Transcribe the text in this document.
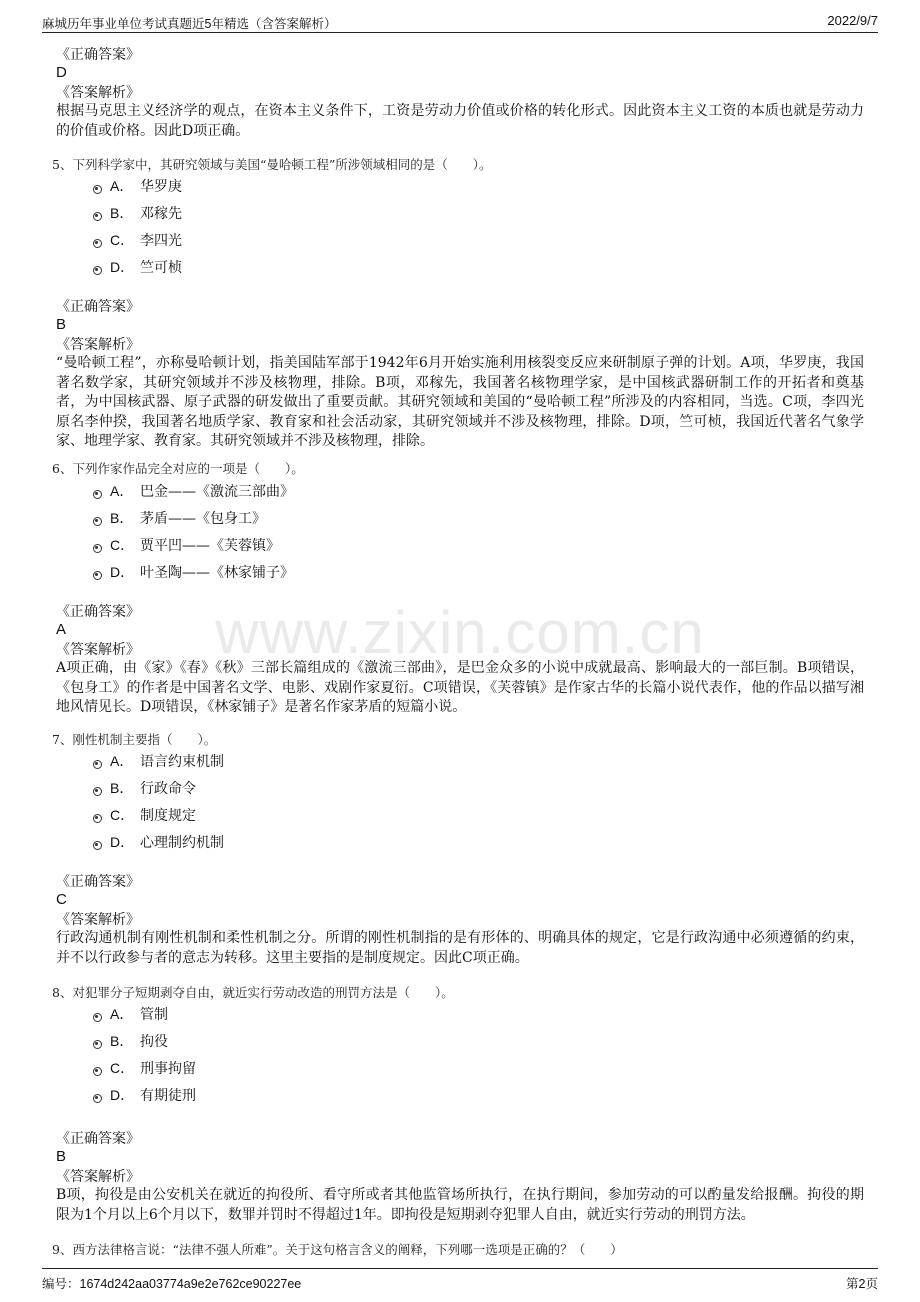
麻城历年事业单位考试真题近5年精选（含答案解析）	2022/9/7
www.zixin.com.cn
《正确答案》
D
《答案解析》
根据马克思主义经济学的观点，在资本主义条件下，工资是劳动力价值或价格的转化形式。因此资本主义工资的本质也就是劳动力的价值或价格。因此D项正确。
5、下列科学家中，其研究领域与美国“曼哈顿工程”所涉领域相同的是（　　）。
A． 华罗庚
B． 邓稼先
C． 李四光
D． 竺可桢
《正确答案》
B
《答案解析》
“曼哈顿工程”，亦称曼哈顿计划，指美国陆军部于1942年6月开始实施利用核裂变反应来研制原子弹的计划。A项，华罗庚，我国著名数学家，其研究领域并不涉及核物理，排除。B项，邓稼先，我国著名核物理学家，是中国核武器研制工作的开拓者和奠基者，为中国核武器、原子武器的研发做出了重要贡献。其研究领域和美国的“曼哈顿工程”所涉及的内容相同，当选。C项，李四光原名李仲揆，我国著名地质学家、教育家和社会活动家，其研究领域并不涉及核物理，排除。D项，竺可桢，我国近代著名气象学家、地理学家、教育家。其研究领域并不涉及核物理，排除。
6、下列作家作品完全对应的一项是（　　）。
A． 巴金——《激流三部曲》
B． 茅盾——《包身工》
C． 贾平凹——《芙蓉镇》
D． 叶圣陶——《林家铺子》
《正确答案》
A
《答案解析》
A项正确，由《家》《春》《秋》三部长篇组成的《激流三部曲》，是巴金众多的小说中成就最高、影响最大的一部巨制。B项错误，《包身工》的作者是中国著名文学、电影、戏剧作家夏衍。C项错误，《芙蓉镇》是作家古华的长篇小说代表作，他的作品以描写湘地风情见长。D项错误，《林家铺子》是著名作家茅盾的短篇小说。
7、刚性机制主要指（　　）。
A． 语言约束机制
B． 行政命令
C． 制度规定
D． 心理制约机制
《正确答案》
C
《答案解析》
行政沟通机制有刚性机制和柔性机制之分。所谓的刚性机制指的是有形体的、明确具体的规定，它是行政沟通中必须遵循的约束，并不以行政参与者的意志为转移。这里主要指的是制度规定。因此C项正确。
8、对犯罪分子短期剥夺自由，就近实行劳动改造的刑罚方法是（　　）。
A． 管制
B． 拘役
C． 刑事拘留
D． 有期徒刑
《正确答案》
B
《答案解析》
B项，拘役是由公安机关在就近的拘役所、看守所或者其他监管场所执行，在执行期间，参加劳动的可以酌量发给报酬。拘役的期限为1个月以上6个月以下，数罪并罚时不得超过1年。即拘役是短期剥夺犯罪人自由，就近实行劳动的刑罚方法。
9、西方法律格言说：“法律不强人所难”。关于这句格言含义的阐释，下列哪一选项是正确的？（　　）
编号：1674d242aa03774a9e2e762ce90227ee	第2页
